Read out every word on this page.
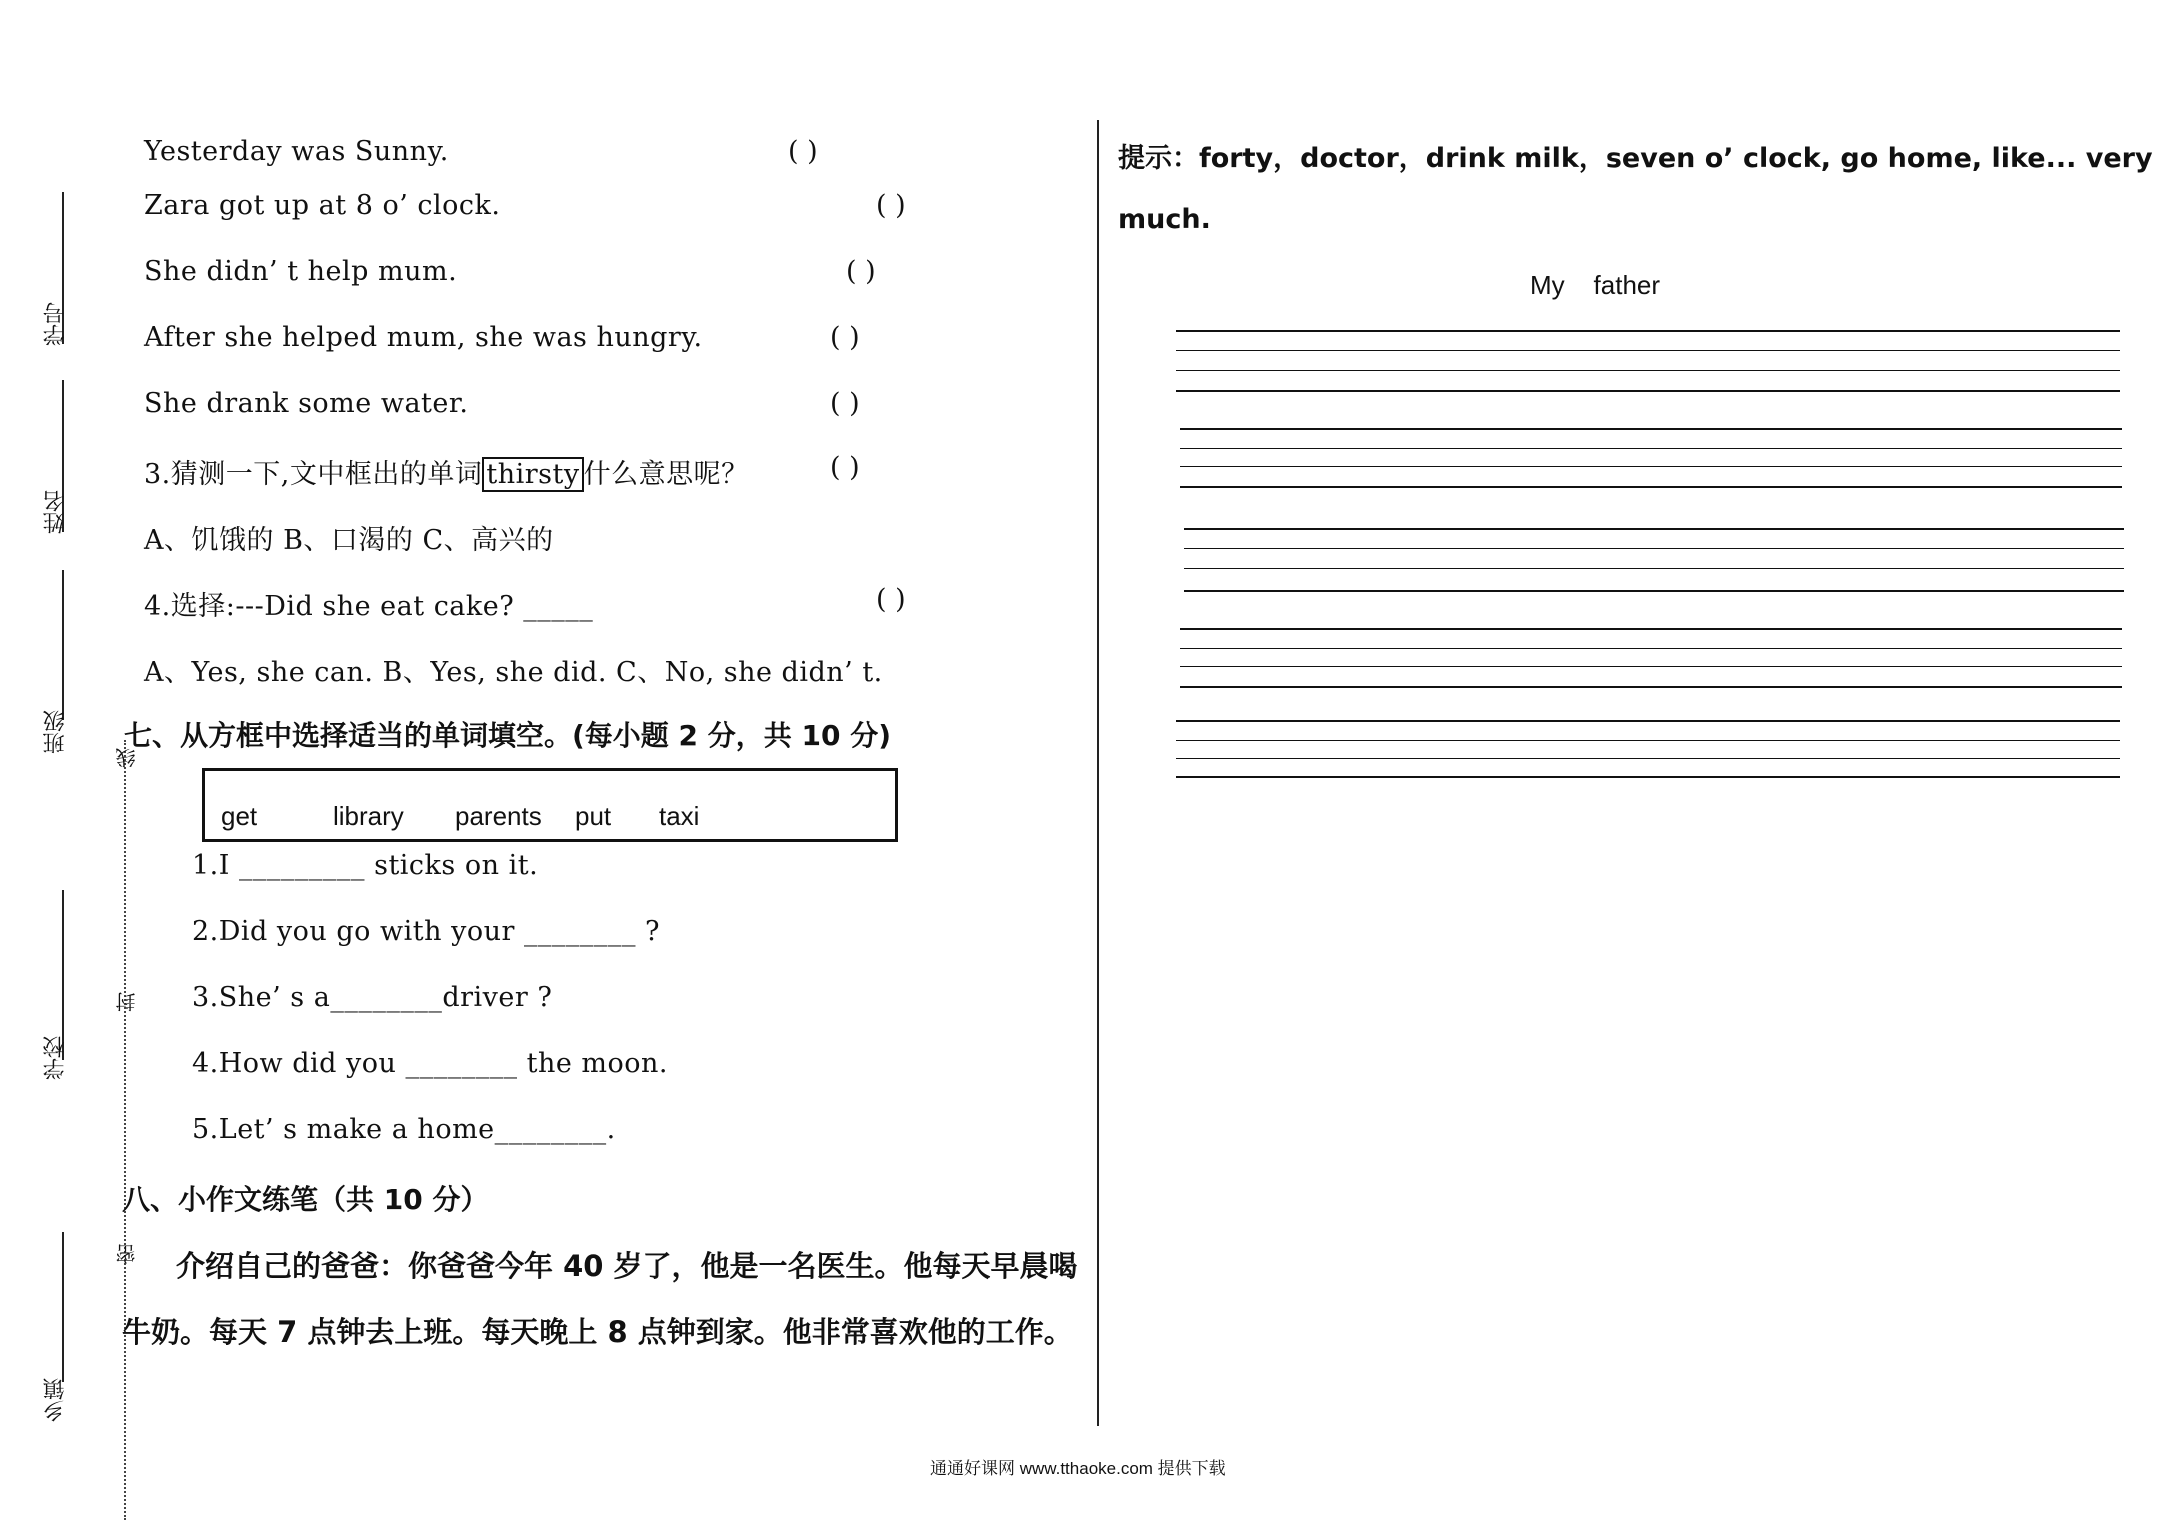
学号
姓名
班级
学校
乡镇
线
封
密
Yesterday was Sunny.	( )
Zara got up at 8 o’ clock.	( )
She didn’ t help mum.	( )
After she helped mum, she was hungry.	( )
She drank some water.	( )
3.猜测一下,文中框出的单词 thirsty 什么意思呢？	( )
A、饥饿的 B、口渴的 C、高兴的
4.选择:---Did she eat cake? _____	( )
A、Yes, she can. B、Yes, she did. C、No, she didn’ t.
七、从方框中选择适当的单词填空。(每小题 2 分，共 10 分)
get	library parents put taxi
1.I _________ sticks on it.
2.Did you go with your ________ ?
3.She’ s a________driver ?
4.How did you ________ the moon.
5.Let’ s make a home________.
八、小作文练笔（共 10 分）
介绍自己的爸爸：你爸爸今年 40 岁了，他是一名医生。他每天早晨喝
牛奶。每天 7 点钟去上班。每天晚上 8 点钟到家。他非常喜欢他的工作。
提示：forty，doctor，drink milk，seven o’ clock, go home, like... very
much.
My    father
通通好课网 www.tthaoke.com 提供下载
